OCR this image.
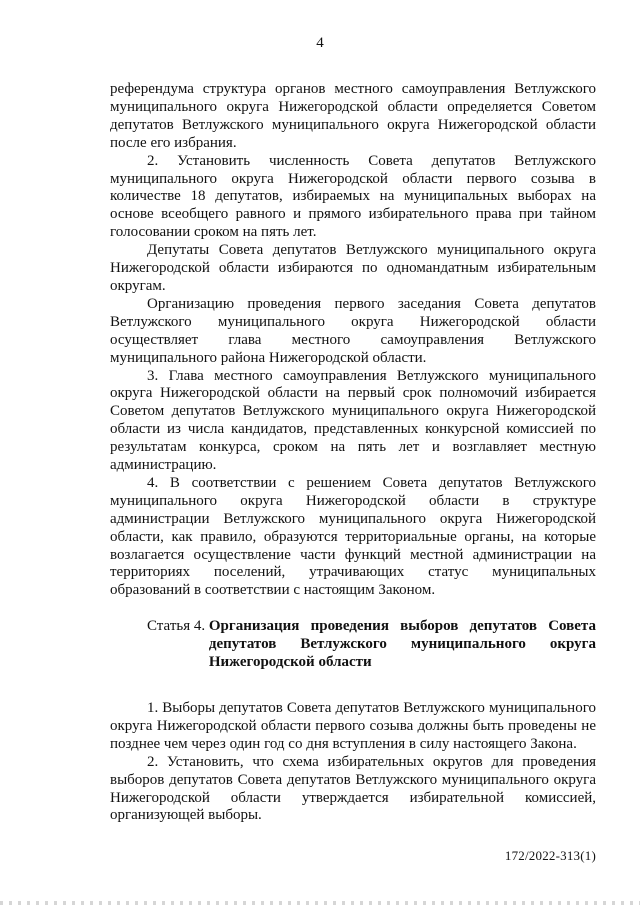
4

референдума структура органов местного самоуправления Ветлужского муниципального округа Нижегородской области определяется Советом депутатов Ветлужского муниципального округа Нижегородской области после его избрания.

2. Установить численность Совета депутатов Ветлужского муниципального округа Нижегородской области первого созыва в количестве 18 депутатов, избираемых на муниципальных выборах на основе всеобщего равного и прямого избирательного права при тайном голосовании сроком на пять лет.

Депутаты Совета депутатов Ветлужского муниципального округа Нижегородской области избираются по одномандатным избирательным округам.

Организацию проведения первого заседания Совета депутатов Ветлужского муниципального округа Нижегородской области осуществляет глава местного самоуправления Ветлужского муниципального района Нижегородской области.

3. Глава местного самоуправления Ветлужского муниципального округа Нижегородской области на первый срок полномочий избирается Советом депутатов Ветлужского муниципального округа Нижегородской области из числа кандидатов, представленных конкурсной комиссией по результатам конкурса, сроком на пять лет и возглавляет местную администрацию.

4. В соответствии с решением Совета депутатов Ветлужского муниципального округа Нижегородской области в структуре администрации Ветлужского муниципального округа Нижегородской области, как правило, образуются территориальные органы, на которые возлагается осуществление части функций местной администрации на территориях поселений, утрачивающих статус муниципальных образований в соответствии с настоящим Законом.

Статья 4. Организация проведения выборов депутатов Совета депутатов Ветлужского муниципального округа Нижегородской области

1. Выборы депутатов Совета депутатов Ветлужского муниципального округа Нижегородской области первого созыва должны быть проведены не позднее чем через один год со дня вступления в силу настоящего Закона.

2. Установить, что схема избирательных округов для проведения выборов депутатов Совета депутатов Ветлужского муниципального округа Нижегородской области утверждается избирательной комиссией, организующей выборы.

172/2022-313(1)
